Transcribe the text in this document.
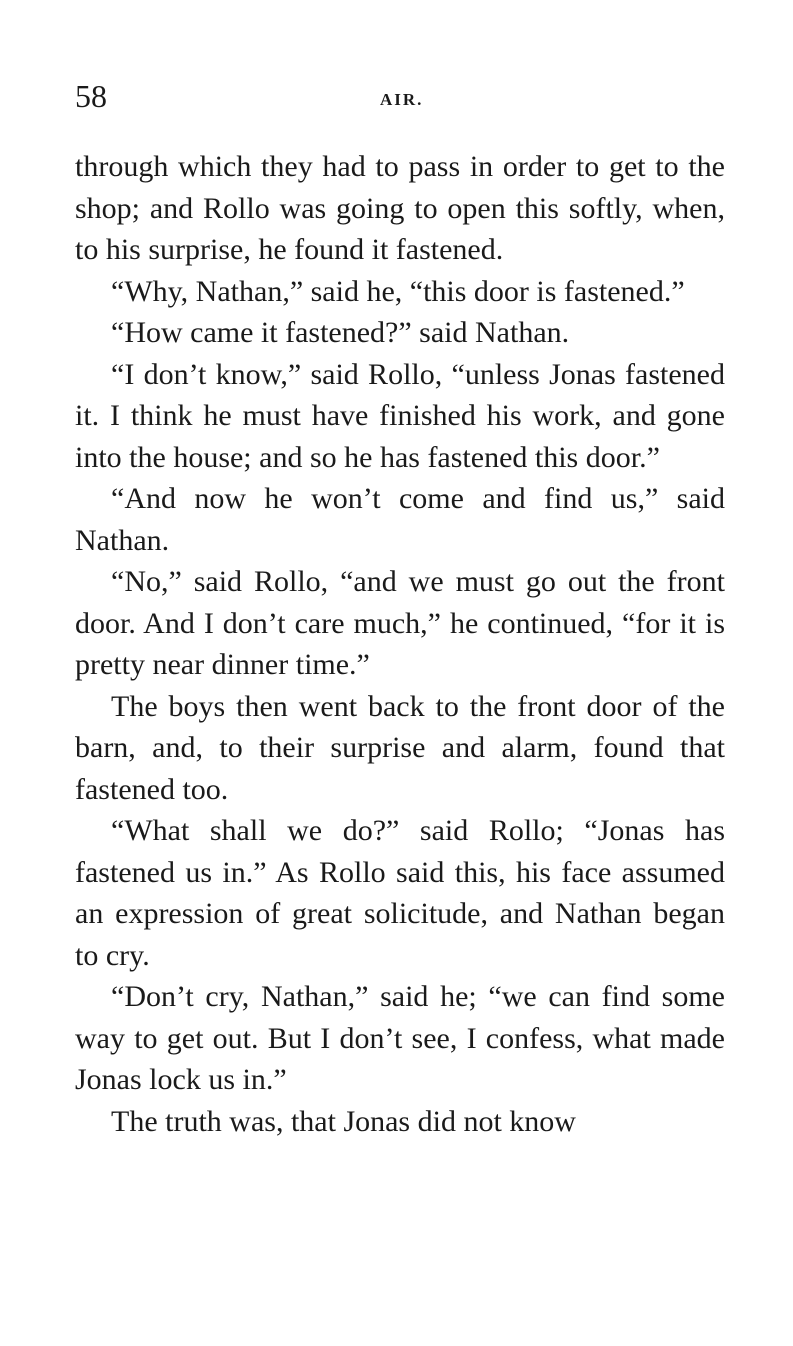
58	AIR.

through which they had to pass in order to get to the shop; and Rollo was going to open this softly, when, to his surprise, he found it fastened.

“Why, Nathan,” said he, “this door is fastened.”

“How came it fastened?” said Nathan.

“I don’t know,” said Rollo, “unless Jonas fastened it. I think he must have finished his work, and gone into the house; and so he has fastened this door.”

“And now he won’t come and find us,” said Nathan.

“No,” said Rollo, “and we must go out the front door. And I don’t care much,” he continued, “for it is pretty near dinner time.”

The boys then went back to the front door of the barn, and, to their surprise and alarm, found that fastened too.

“What shall we do?” said Rollo; “Jonas has fastened us in.” As Rollo said this, his face assumed an expression of great solicitude, and Nathan began to cry.

“Don’t cry, Nathan,” said he; “we can find some way to get out. But I don’t see, I confess, what made Jonas lock us in.”

The truth was, that Jonas did not know
